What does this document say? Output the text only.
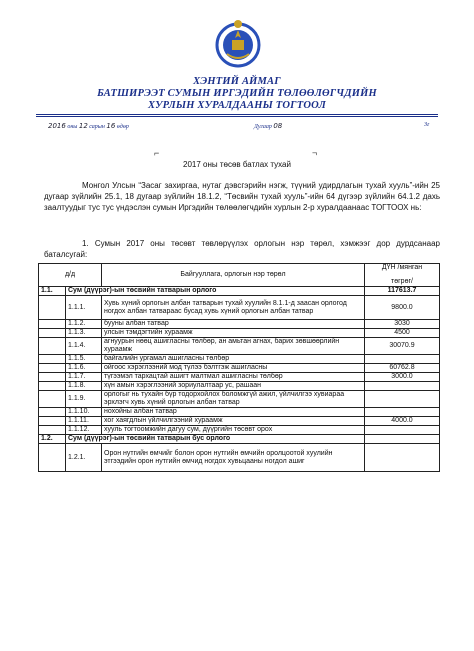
ХЭНТИЙ АЙМАГ
БАТШИРЭЭТ СУМЫН ИРГЭДИЙН ТӨЛӨӨЛӨГЧДИЙН
ХУРЛЫН ХУРАЛДААНЫ ТОГТООЛ
2016 оны 12 сарын 16 өдөр	Дугаар 08	Зг
⌐	¬
2017 оны төсөв батлах тухай
Монгол Улсын “Засаг захиргаа, нутаг дэвсгэрийн нэгж, түүний удирдлагын тухай хууль”-ийн 25 дугаар зүйлийн 25.1, 18 дугаар зүйлийн 18.1.2, “Төсвийн тухай хууль”-ийн 64 дүгээр зүйлийн 64.1.2 дахь заалтуудыг тус тус үндэслэн сумын Иргэдийн төлөөлөгчдийн хурлын 2-р хуралдаанаас ТОГТООХ нь:
1. Сумын 2017 оны төсөвт төвлөрүүлэх орлогын нэр төрөл, хэмжээг дор дурдсанаар баталсугай:
д/д		Байгууллага, орлогын нэр төрөл	ДҮН /мянган
төгрөг/

1.1.	Сум (дүүрэг)-ын төсвийн татварын орлого		117613.7
	1.1.1.	Хувь хүний орлогын албан татварын тухай хуулийн 8.1.1-д заасан орлогод ногдох албан татвараас бусад хувь хүний орлогын албан татвар	9800.0
	1.1.2.	бууны албан татвар	3030
	1.1.3.	улсын тэмдэгтийн хураамж	4500
	1.1.4.	агнуурын нөөц ашигласны төлбөр, ан амьтан агнах, барих зөвшөөрлийн хураамж	30070.9
	1.1.5.	байгалийн ургамал ашигласны төлбөр	
	1.1.6.	ойгоос хэрэглээний мод түлээ бэлтгэж ашигласны	60762.8
	1.1.7.	түгээмэл тархацтай ашигт малтмал ашигласны төлбөр	3000.0
	1.1.8.	хүн амын хэрэглээний зориулалтаар ус, рашаан	
	1.1.9.	орлогыг нь тухайн бүр тодорхойлох боломжгүй ажил, үйлчилгээ хувиараа эрхлэгч хувь хүний орлогын албан татвар	
	1.1.10.	нохойны албан татвар	
	1.1.11.	хог хаягдлын үйлчилгээний хураамж	4000.0
	1.1.12.	хууль тогтоомжийн дагуу сум, дүүргийн төсөвт орох	
1.2.	Сум (дүүрэг)-ын төсвийн татварын бус орлого		
	1.2.1.	Орон нутгийн өмчийг болон орон нутгийн өмчийн оролцоотой хуулийн этгээдийн орон нутгийн өмчид ногдох хувьцааны ногдол ашиг	
